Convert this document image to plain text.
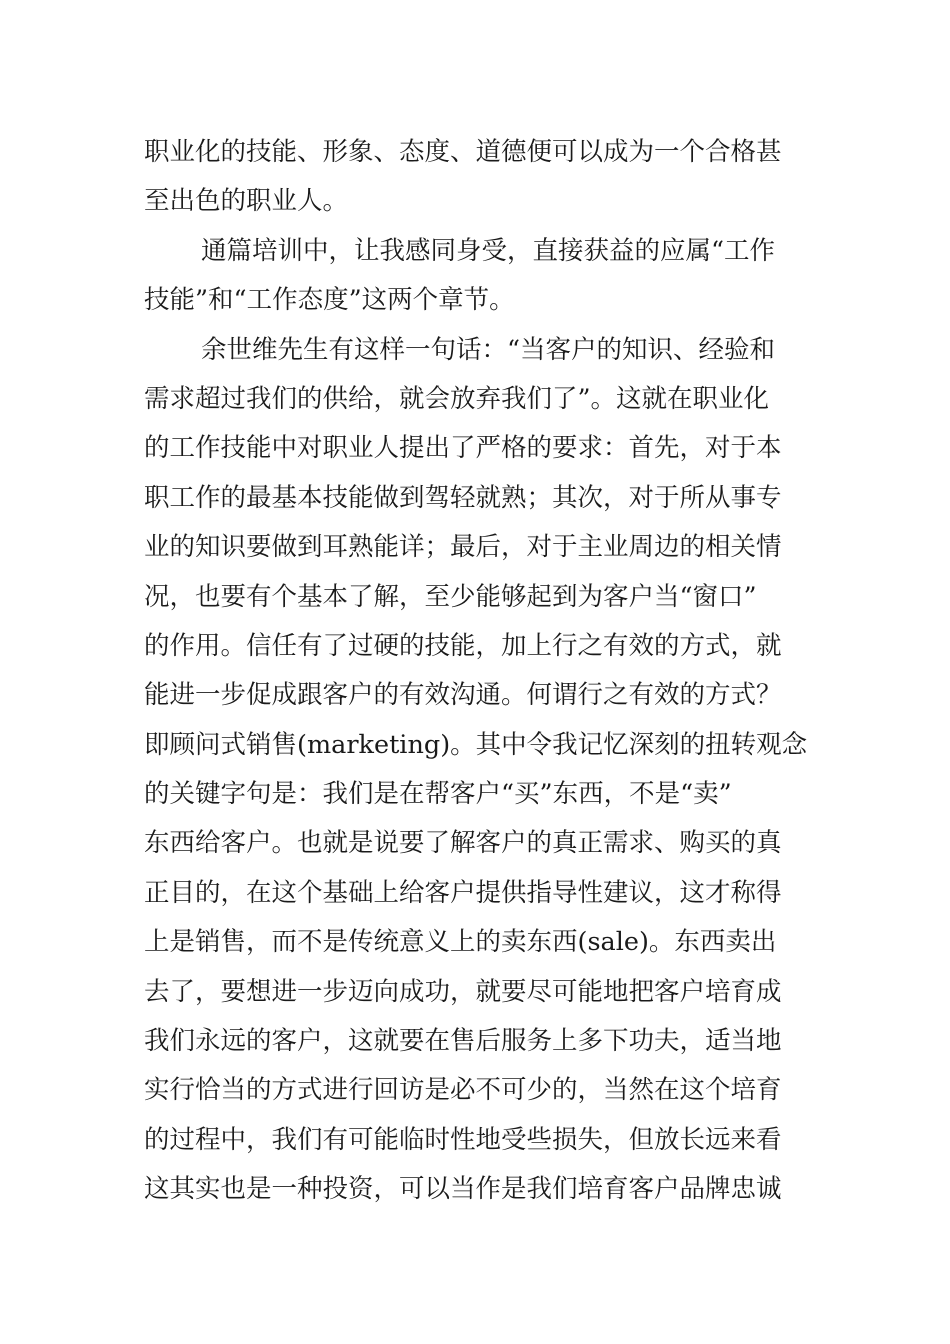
职业化的技能、形象、态度、道德便可以成为一个合格甚
至出色的职业人。
通篇培训中，让我感同身受，直接获益的应属“工作
技能”和“工作态度”这两个章节。
余世维先生有这样一句话：“当客户的知识、经验和
需求超过我们的供给，就会放弃我们了”。这就在职业化
的工作技能中对职业人提出了严格的要求：首先，对于本
职工作的最基本技能做到驾轻就熟；其次，对于所从事专
业的知识要做到耳熟能详；最后，对于主业周边的相关情
况，也要有个基本了解，至少能够起到为客户当“窗口”
的作用。信任有了过硬的技能，加上行之有效的方式，就
能进一步促成跟客户的有效沟通。何谓行之有效的方式？
即顾问式销售(marketing)。其中令我记忆深刻的扭转观念
的关键字句是：我们是在帮客户“买”东西，不是“卖”
东西给客户。也就是说要了解客户的真正需求、购买的真
正目的，在这个基础上给客户提供指导性建议，这才称得
上是销售，而不是传统意义上的卖东西(sale)。东西卖出
去了，要想进一步迈向成功，就要尽可能地把客户培育成
我们永远的客户，这就要在售后服务上多下功夫，适当地
实行恰当的方式进行回访是必不可少的，当然在这个培育
的过程中，我们有可能临时性地受些损失，但放长远来看
这其实也是一种投资，可以当作是我们培育客户品牌忠诚
